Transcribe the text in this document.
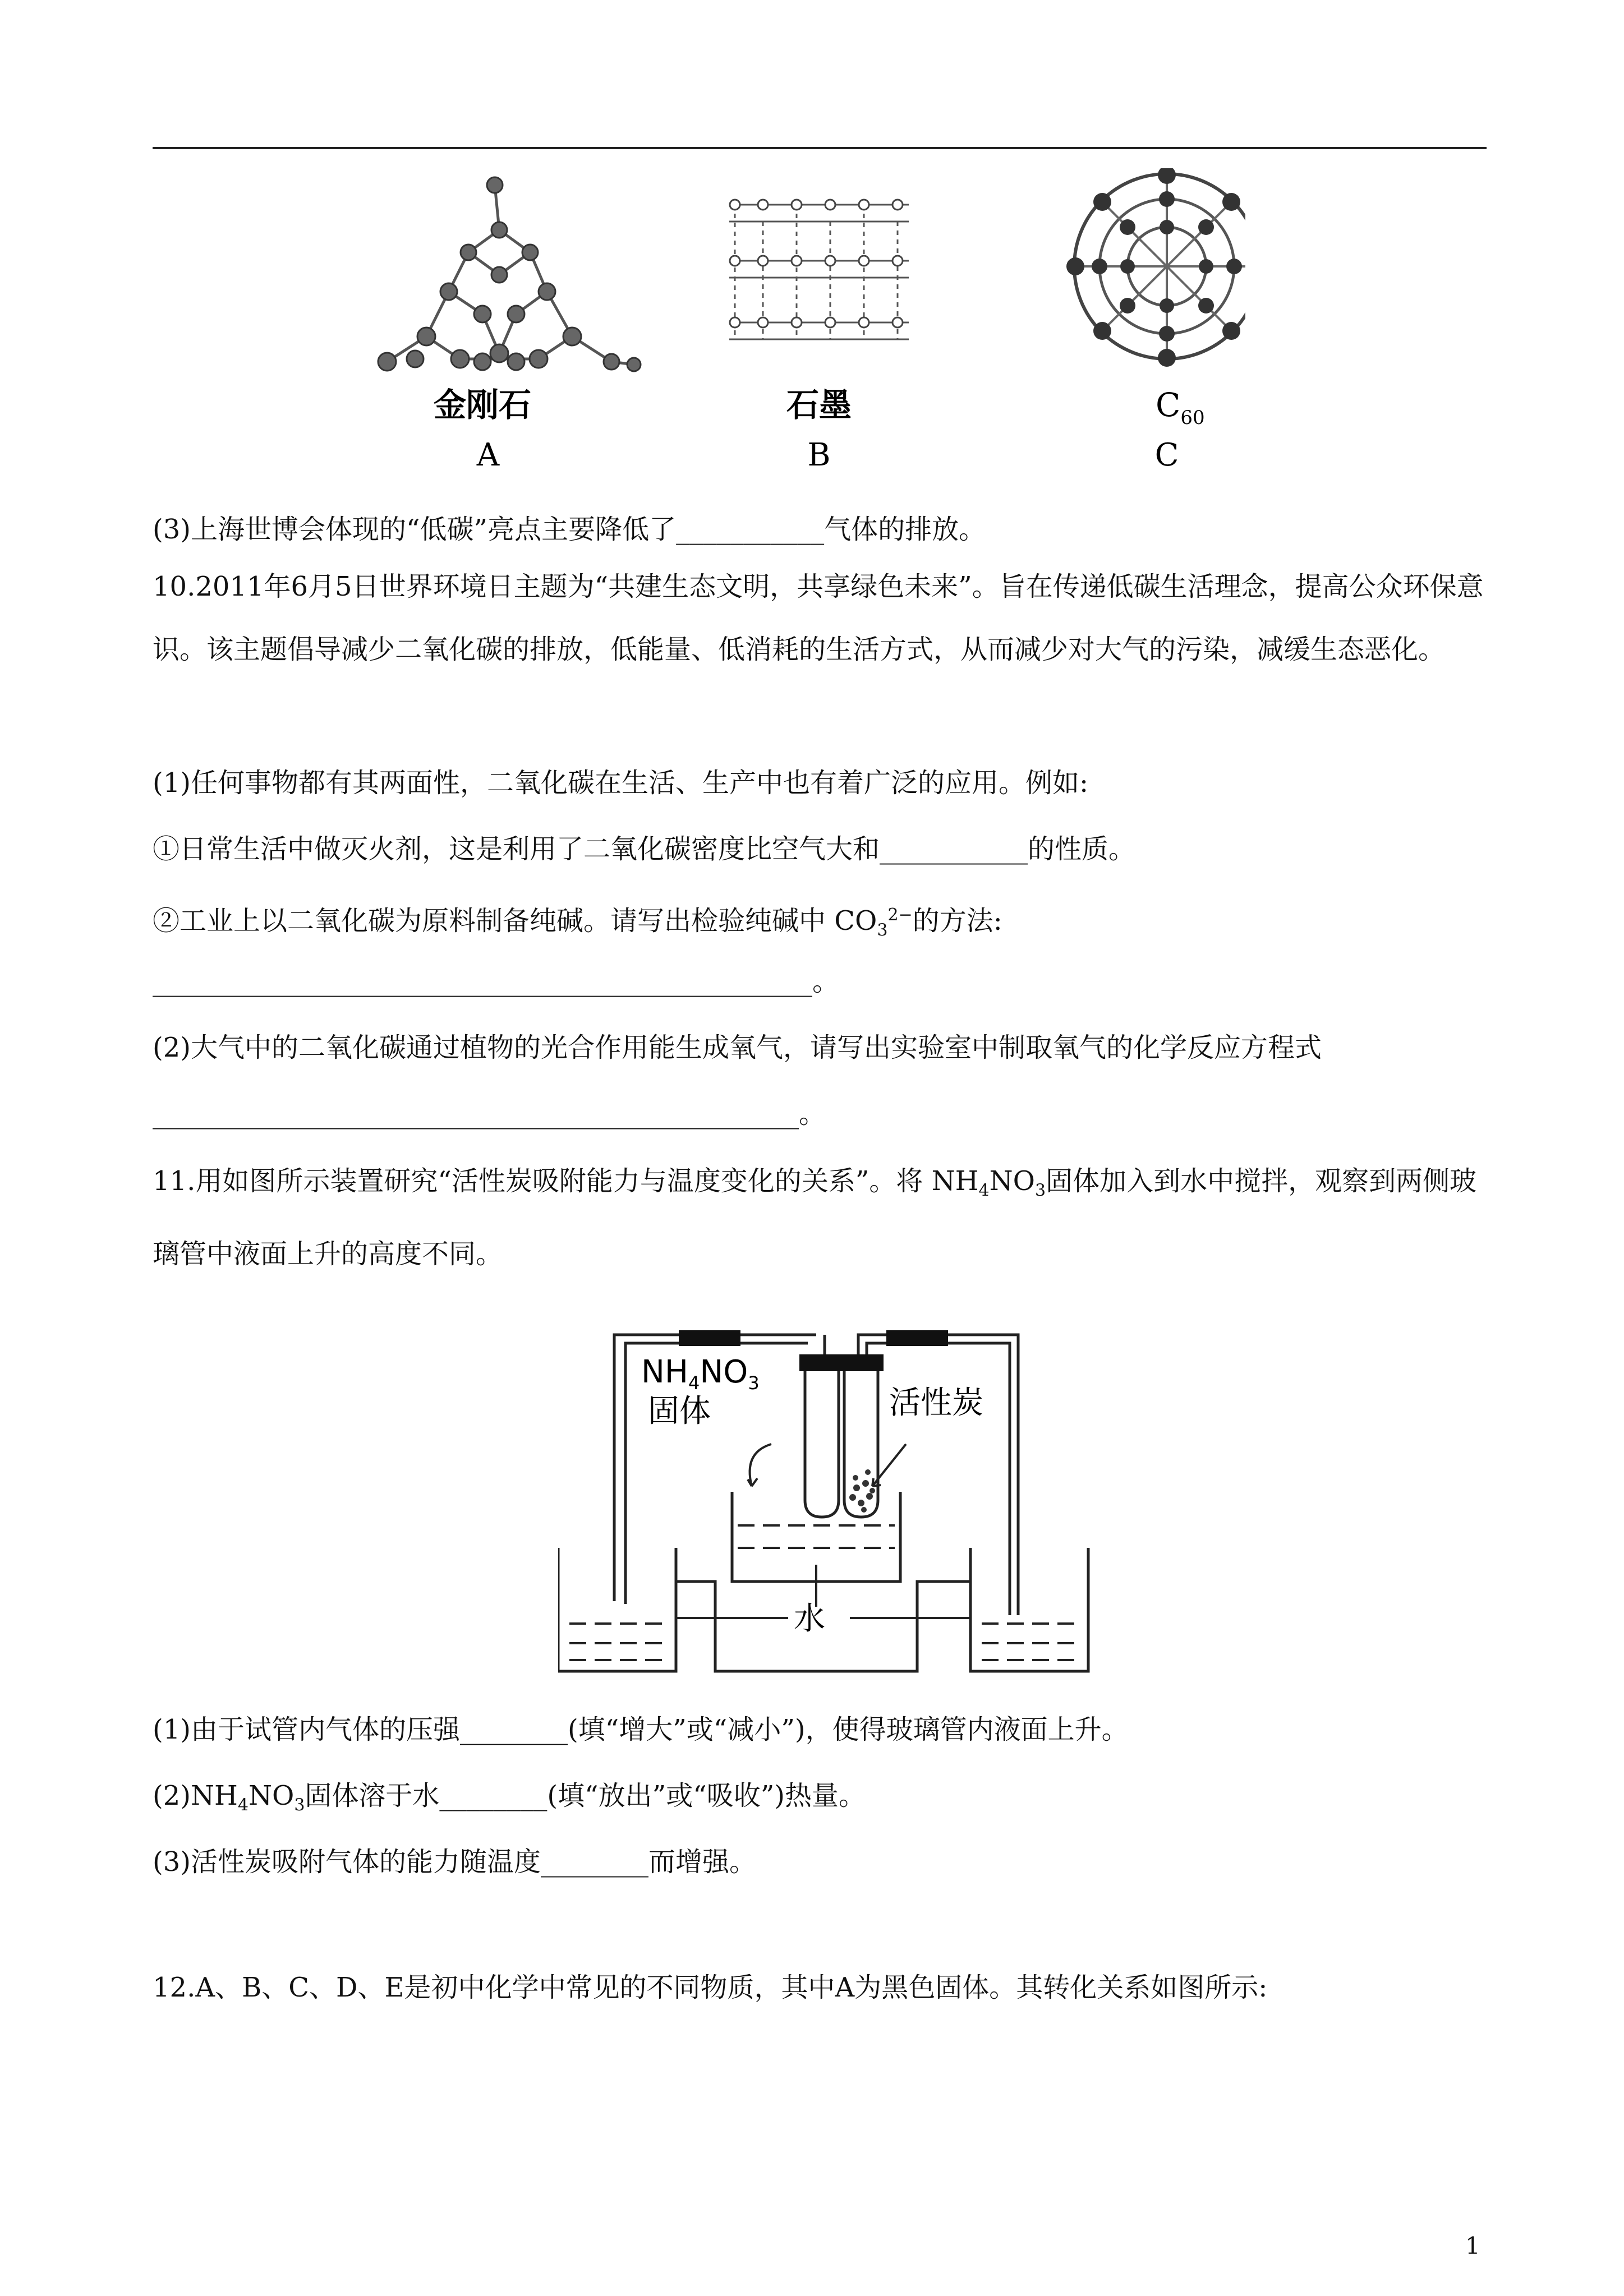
金刚石
A
石墨
B
$C_{60}$
C
(3)上海世博会体现的“低碳”亮点主要降低了___________气体的排放。
10.2011年6月5日世界环境日主题为“共建生态文明，共享绿色未来”。旨在传递低碳生活理念，提高公众环保意识。该主题倡导减少二氧化碳的排放，低能量、低消耗的生活方式，从而减少对大气的污染，减缓生态恶化。
(1)任何事物都有其两面性，二氧化碳在生活、生产中也有着广泛的应用。例如:
①日常生活中做灭火剂，这是利用了二氧化碳密度比空气大和___________的性质。
②工业上以二氧化碳为原料制备纯碱。请写出检验纯碱中 $CO_3^{2-}$的方法:
_________________________________________________。
(2)大气中的二氧化碳通过植物的光合作用能生成氧气，请写出实验室中制取氧气的化学反应方程式
________________________________________________。
11.用如图所示装置研究“活性炭吸附能力与温度变化的关系”。将 $NH_4NO_3$固体加入到水中搅拌，观察到两侧玻璃管中液面上升的高度不同。
$NH_4NO_3$
固体	活性炭
水
(1)由于试管内气体的压强________(填“增大”或“减小”)，使得玻璃管内液面上升。
$(2)NH_4NO_3$固体溶于水________(填“放出”或“吸收”)热量。
(3)活性炭吸附气体的能力随温度________而增强。
12.A、B、C、D、E是初中化学中常见的不同物质，其中A为黑色固体。其转化关系如图所示:
1
